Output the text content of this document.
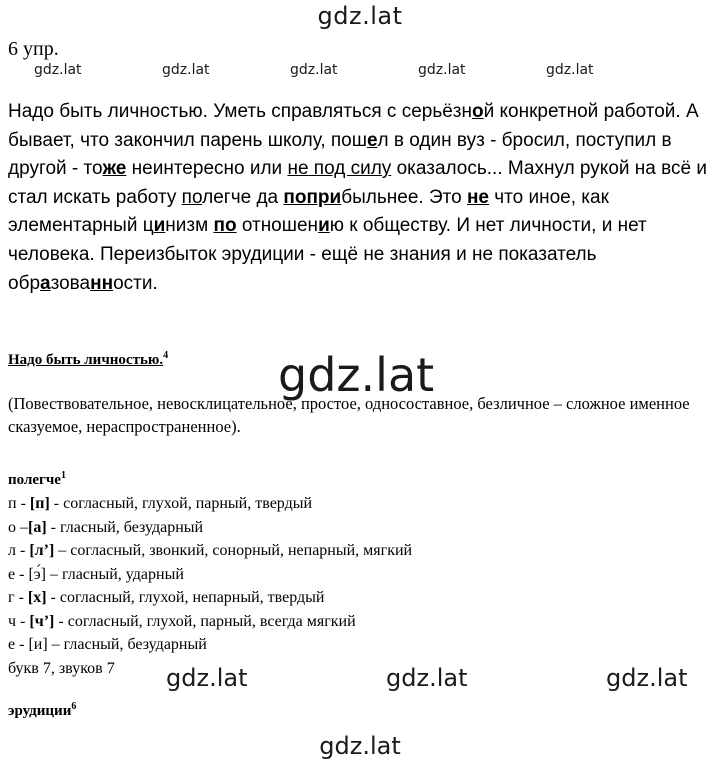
gdz.lat
gdz.lat	gdz.lat	gdz.lat	gdz.lat	gdz.lat
6 упр.
Надо быть личностью. Уметь справляться с серьёзной конкретной работой. А бывает, что закончил парень школу, пошел в один вуз - бросил, поступил в другой - тоже неинтересно или не под силу оказалось... Махнул рукой на всё и стал искать работу полегче да поприбыльнее. Это не что иное, как элементарный цинизм по отношению к обществу. И нет личности, и нет человека. Переизбыток эрудиции - ещё не знания и не показатель образованности.
Надо быть личностью.$^4$ gdz.lat
(Повествовательное, невосклицательное, простое, односоставное, безличное – сложное именное сказуемое, нераспространенное).
полегче$^1$
п - [п] - согласный, глухой, парный, твердый
о –[а] - гласный, безударный
л - [л’] – согласный, звонкий, сонорный, непарный, мягкий
е - [э́] – гласный, ударный
г - [х] - согласный, глухой, непарный, твердый
ч - [ч’] - согласный, глухой, парный, всегда мягкий
е - [и] – гласный, безударный
букв 7, звуков 7	gdz.lat	gdz.lat	gdz.lat
эрудиции$^6$
gdz.lat
